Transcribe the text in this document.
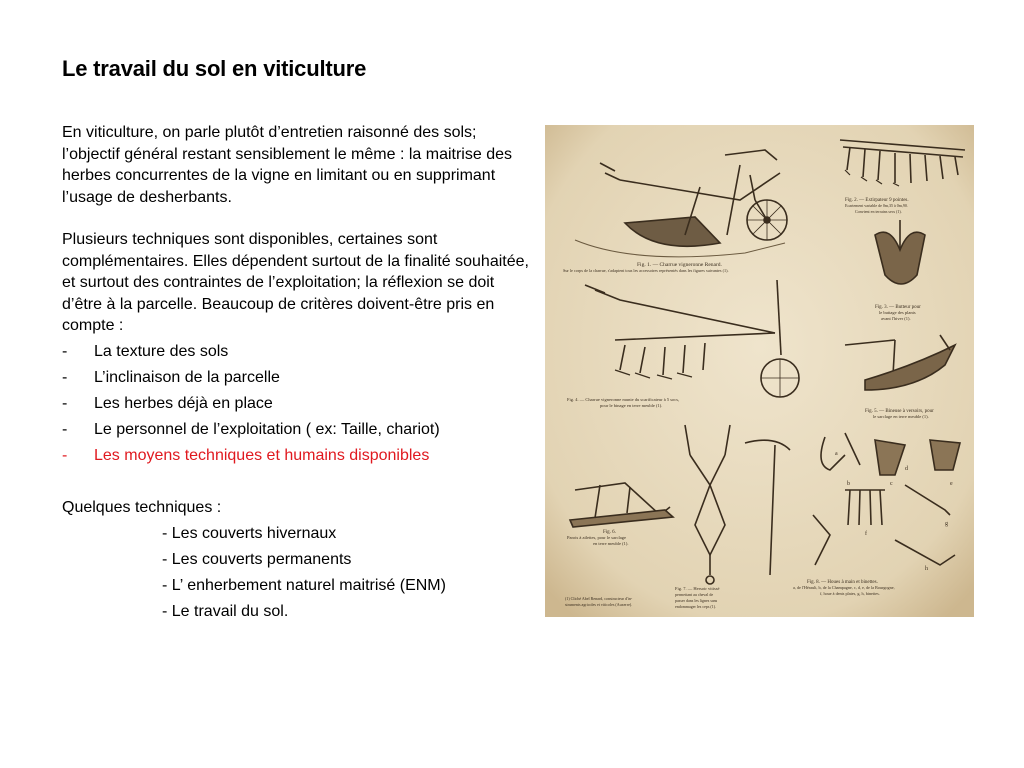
Le travail du sol en viticulture

En viticulture, on parle plutôt d’entretien raisonné des sols; l’objectif général restant sensiblement le même : la maitrise des herbes concurrentes de la vigne en limitant ou en supprimant l’usage de desherbants.

Plusieurs techniques sont disponibles, certaines sont complémentaires. Elles dépendent surtout de la finalité souhaitée, et surtout des contraintes de l’exploitation; la réflexion se doit d’être à la parcelle. Beaucoup de critères doivent-être pris en compte :

-	La texture des sols
-	L’inclinaison de la parcelle
-	Les herbes déjà en place
-	Le personnel de l’exploitation ( ex: Taille, chariot)
-	Les moyens techniques et humains disponibles
Quelques techniques :
- Les couverts hivernaux
- Les couverts permanents
- L’ enherbement naturel maitrisé (ENM)
- Le travail du sol.
Fig. 1. — Charrue vigneronne Renard.
Sur le corps de la charrue, s'adaptent tous les accessoires représentés dans les figures suivantes (1).
Fig. 2. — Extirpateur 9 pointes.
Ecartement variable de 0m,35 à 0m,90.
Convient en terrains secs (1).
Fig. 3. — Butteur pour
le buttage des plants
avant l'hiver (1).
Fig. 4. — Charrue vigneronne munie du scarificateur à 5 socs,
pour le binage en terre meuble (1).
Fig. 5. — Bineuse à versoirs, pour
le sarclage en terre meuble (1).
Fig. 6.
Parois à ailettes, pour le sarclage
en terre meuble (1).
Fig. 7. — Hersoir vitissé
permettant au cheval de
passer dans les lignes sans
endommager les ceps (1).
(1) Cliché Abel Renard, constructeur d'in-
struments agricoles et viticoles (Auxerre).
a
b	c
d
e
f
g
h
Fig. 8. — Houes à main et binettes.
a, de l'Hérault, b, de la Champagne, c, d, e, de la Bourgogne,
f, houe à dents plates, g, h, binettes.
